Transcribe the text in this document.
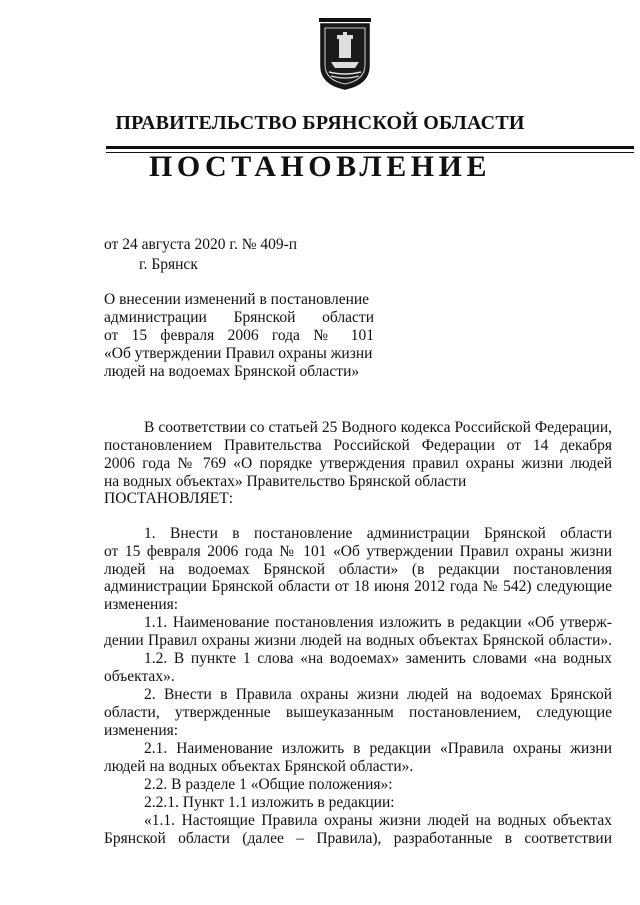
ПРАВИТЕЛЬСТВО БРЯНСКОЙ ОБЛАСТИ
ПОСТАНОВЛЕНИЕ
от 24 августа 2020 г. № 409-п
г. Брянск
О внесении изменений в постановление
администрации Брянской области
от 15 февраля 2006 года № 101
«Об утверждении Правил охраны жизни
людей на водоемах Брянской области»
В соответствии со статьей 25 Водного кодекса Российской Федерации,
постановлением Правительства Российской Федерации от 14 декабря
2006 года № 769 «О порядке утверждения правил охраны жизни людей
на водных объектах» Правительство Брянской области
ПОСТАНОВЛЯЕТ:
1. Внести в постановление администрации Брянской области
от 15 февраля 2006 года № 101 «Об утверждении Правил охраны жизни
людей на водоемах Брянской области» (в редакции постановления
администрации Брянской области от 18 июня 2012 года № 542) следующие
изменения:
1.1. Наименование постановления изложить в редакции «Об утверж-
дении Правил охраны жизни людей на водных объектах Брянской области».
1.2. В пункте 1 слова «на водоемах» заменить словами «на водных
объектах».
2. Внести в Правила охраны жизни людей на водоемах Брянской
области, утвержденные вышеуказанным постановлением, следующие
изменения:
2.1. Наименование изложить в редакции «Правила охраны жизни
людей на водных объектах Брянской области».
2.2. В разделе 1 «Общие положения»:
2.2.1. Пункт 1.1 изложить в редакции:
«1.1. Настоящие Правила охраны жизни людей на водных объектах
Брянской области (далее – Правила), разработанные в соответствии
